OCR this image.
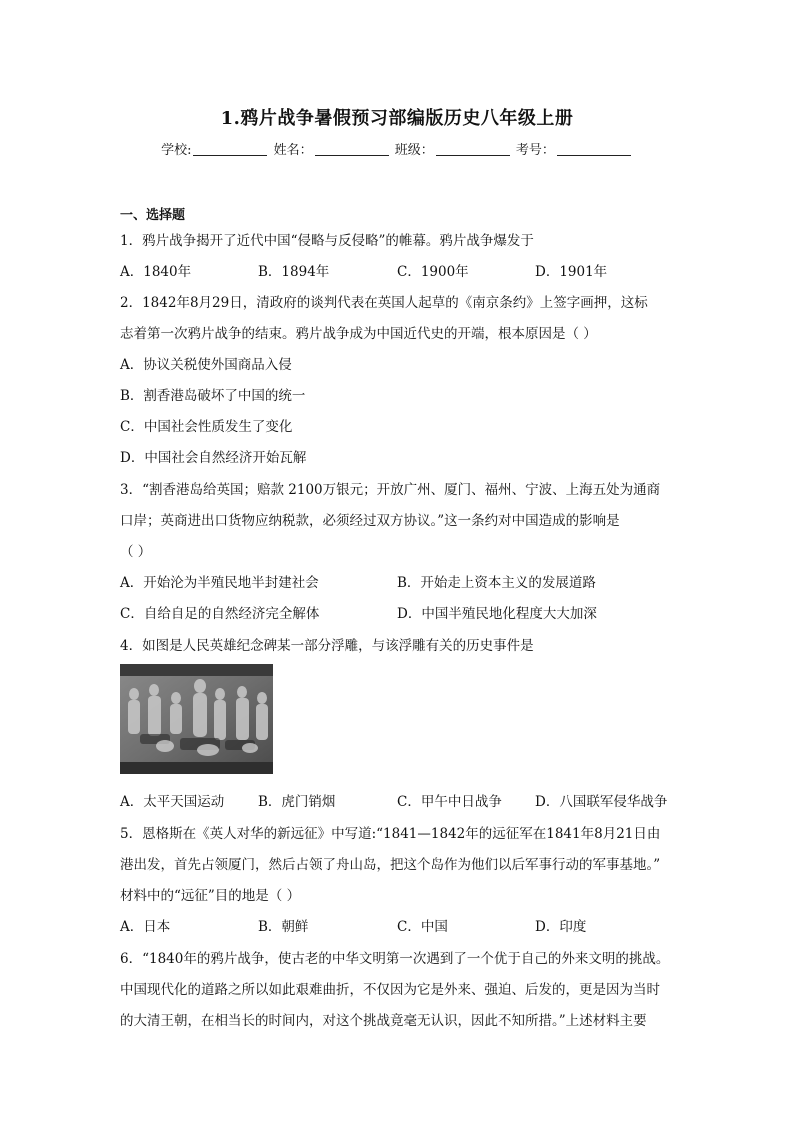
1.鸦片战争暑假预习部编版历史八年级上册
学校:	姓名：	班级：	考号：
一、选择题
1．鸦片战争揭开了近代中国“侵略与反侵略”的帷幕。鸦片战争爆发于
A．1840年	B．1894年	C．1900年	D．1901年
2．1842年8月29日，清政府的谈判代表在英国人起草的《南京条约》上签字画押，这标
志着第一次鸦片战争的结束。鸦片战争成为中国近代史的开端，根本原因是（ ）
A．协议关税使外国商品入侵
B．割香港岛破坏了中国的统一
C．中国社会性质发生了变化
D．中国社会自然经济开始瓦解
3．“割香港岛给英国；赔款 2100万银元；开放广州、厦门、福州、宁波、上海五处为通商
口岸；英商进出口货物应纳税款，必须经过双方协议。”这一条约对中国造成的影响是
（ ）
A．开始沦为半殖民地半封建社会	B．开始走上资本主义的发展道路
C．自给自足的自然经济完全解体	D．中国半殖民地化程度大大加深
4．如图是人民英雄纪念碑某一部分浮雕，与该浮雕有关的历史事件是
A．太平天国运动	B．虎门销烟	C．甲午中日战争 D．八国联军侵华战争
5．恩格斯在《英人对华的新远征》中写道:“1841—1842年的远征军在1841年8月21日由
港出发，首先占领厦门，然后占领了舟山岛，把这个岛作为他们以后军事行动的军事基地。”
材料中的“远征”目的地是（ ）
A．日本	B．朝鲜	C．中国	D．印度
6．“1840年的鸦片战争，使古老的中华文明第一次遇到了一个优于自己的外来文明的挑战。
中国现代化的道路之所以如此艰难曲折，不仅因为它是外来、强迫、后发的，更是因为当时
的大清王朝，在相当长的时间内，对这个挑战竟毫无认识，因此不知所措。”上述材料主要
